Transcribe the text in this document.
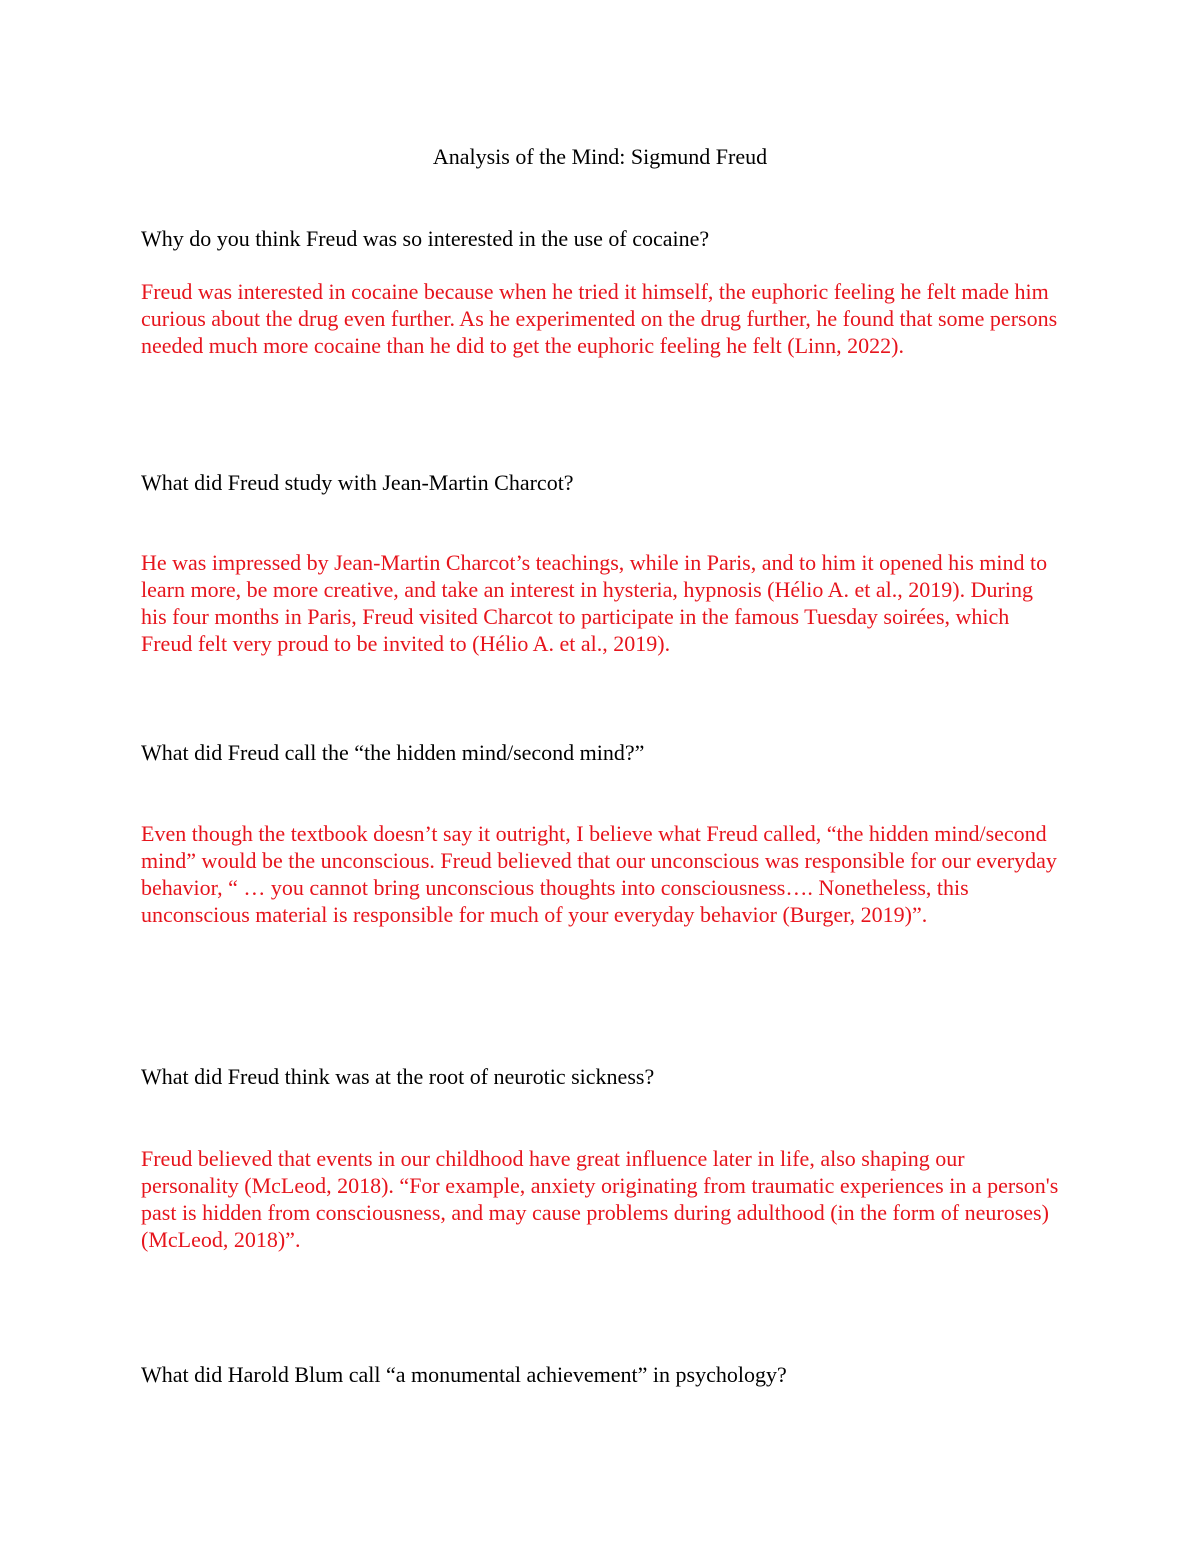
Analysis of the Mind: Sigmund Freud

Why do you think Freud was so interested in the use of cocaine?

Freud was interested in cocaine because when he tried it himself, the euphoric feeling he felt made him curious about the drug even further. As he experimented on the drug further, he found that some persons needed much more cocaine than he did to get the euphoric feeling he felt (Linn, 2022).

What did Freud study with Jean-Martin Charcot?

He was impressed by Jean-Martin Charcot’s teachings, while in Paris, and to him it opened his mind to learn more, be more creative, and take an interest in hysteria, hypnosis (Hélio A. et al., 2019). During his four months in Paris, Freud visited Charcot to participate in the famous Tuesday soirées, which Freud felt very proud to be invited to (Hélio A. et al., 2019).

What did Freud call the “the hidden mind/second mind?”

Even though the textbook doesn’t say it outright, I believe what Freud called, “the hidden mind/second mind” would be the unconscious. Freud believed that our unconscious was responsible for our everyday behavior, “ … you cannot bring unconscious thoughts into consciousness…. Nonetheless, this unconscious material is responsible for much of your everyday behavior (Burger, 2019)”.

What did Freud think was at the root of neurotic sickness?

Freud believed that events in our childhood have great influence later in life, also shaping our personality (McLeod, 2018). “For example, anxiety originating from traumatic experiences in a person's past is hidden from consciousness, and may cause problems during adulthood (in the form of neuroses) (McLeod, 2018)”.

What did Harold Blum call “a monumental achievement” in psychology?
